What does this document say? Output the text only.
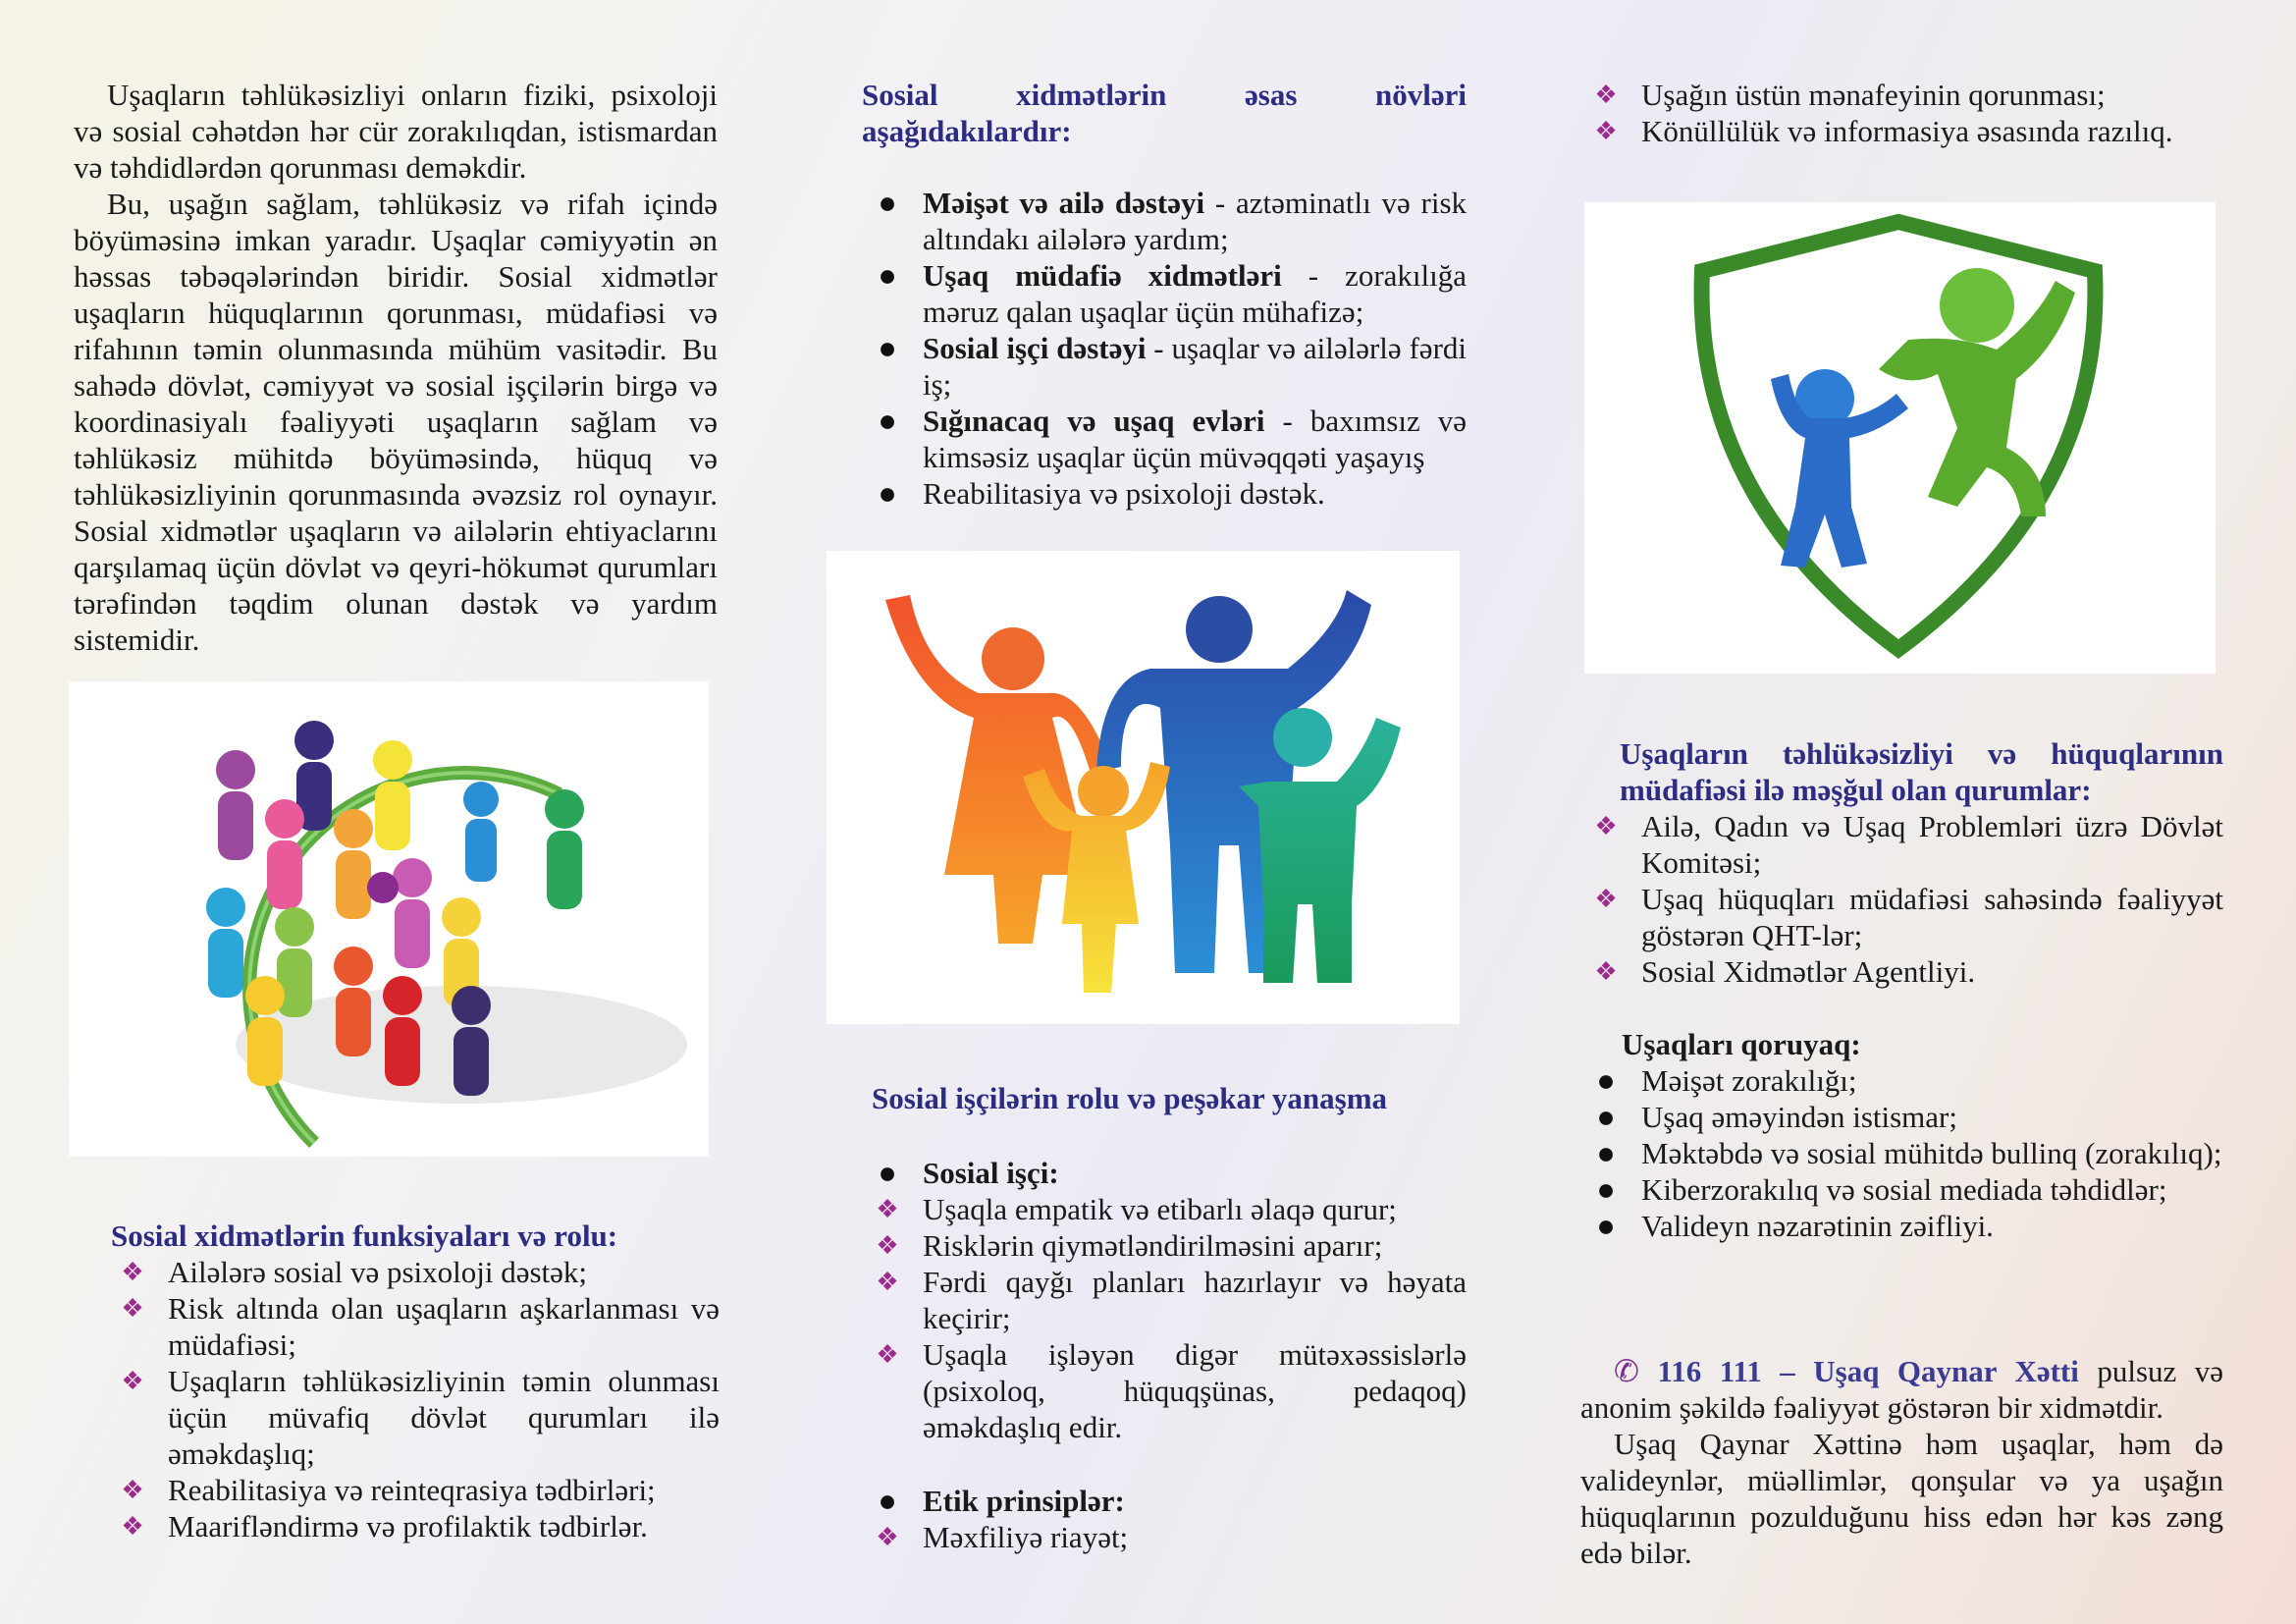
Uşaqların təhlükəsizliyi onların fiziki, psixoloji və sosial cəhətdən hər cür zorakılıqdan, istismardan və təhdidlərdən qorunması deməkdir.

Bu, uşağın sağlam, təhlükəsiz və rifah içində böyüməsinə imkan yaradır. Uşaqlar cəmiyyətin ən həssas təbəqələrindən biridir. Sosial xidmətlər uşaqların hüquqlarının qorunması, müdafiəsi və rifahının təmin olunmasında mühüm vasitədir. Bu sahədə dövlət, cəmiyyət və sosial işçilərin birgə və koordinasiyalı fəaliyyəti uşaqların sağlam və təhlükəsiz mühitdə böyüməsində, hüquq və təhlükəsizliyinin qorunmasında əvəzsiz rol oynayır. Sosial xidmətlər uşaqların və ailələrin ehtiyaclarını qarşılamaq üçün dövlət və qeyri-hökumət qurumları tərəfindən təqdim olunan dəstək və yardım sistemidir.

Sosial xidmətlərin funksiyaları və rolu:

❖ Ailələrə sosial və psixoloji dəstək;
❖ Risk altında olan uşaqların aşkarlanması və müdafiəsi;
❖ Uşaqların təhlükəsizliyinin təmin olunması üçün müvafiq dövlət qurumları ilə əməkdaşlıq;
❖ Reabilitasiya və reinteqrasiya tədbirləri;
❖ Maarifləndirmə və profilaktik tədbirlər.

Sosial xidmətlərin əsas növləri aşağıdakılardır:

● Məişət və ailə dəstəyi - aztəminatlı və risk altındakı ailələrə yardım;
● Uşaq müdafiə xidmətləri - zorakılığa məruz qalan uşaqlar üçün mühafizə;
● Sosial işçi dəstəyi - uşaqlar və ailələrlə fərdi iş;
● Sığınacaq və uşaq evləri - baxımsız və kimsəsiz uşaqlar üçün müvəqqəti yaşayış
● Reabilitasiya və psixoloji dəstək.

Sosial işçilərin rolu və peşəkar yanaşma

● Sosial işçi:
❖ Uşaqla empatik və etibarlı əlaqə qurur;
❖ Risklərin qiymətləndirilməsini aparır;
❖ Fərdi qayğı planları hazırlayır və həyata keçirir;
❖ Uşaqla işləyən digər mütəxəssislərlə (psixoloq, hüquqşünas, pedaqoq) əməkdaşlıq edir.
● Etik prinsiplər:
❖ Məxfiliyə riayət;
❖ Uşağın üstün mənafeyinin qorunması;
❖ Könüllülük və informasiya əsasında razılıq.

Uşaqların təhlükəsizliyi və hüquqlarının müdafiəsi ilə məşğul olan qurumlar:

❖ Ailə, Qadın və Uşaq Problemləri üzrə Dövlət Komitəsi;
❖ Uşaq hüquqları müdafiəsi sahəsində fəaliyyət göstərən QHT-lər;
❖ Sosial Xidmətlər Agentliyi.

Uşaqları qoruyaq:

● Məişət zorakılığı;
● Uşaq əməyindən istismar;
● Məktəbdə və sosial mühitdə bullinq (zorakılıq);
● Kiberzorakılıq və sosial mediada təhdidlər;
● Valideyn nəzarətinin zəifliyi.

✆ 116 111 – Uşaq Qaynar Xətti pulsuz və anonim şəkildə fəaliyyət göstərən bir xidmətdir.

Uşaq Qaynar Xəttinə həm uşaqlar, həm də valideynlər, müəllimlər, qonşular və ya uşağın hüquqlarının pozulduğunu hiss edən hər kəs zəng edə bilər.
